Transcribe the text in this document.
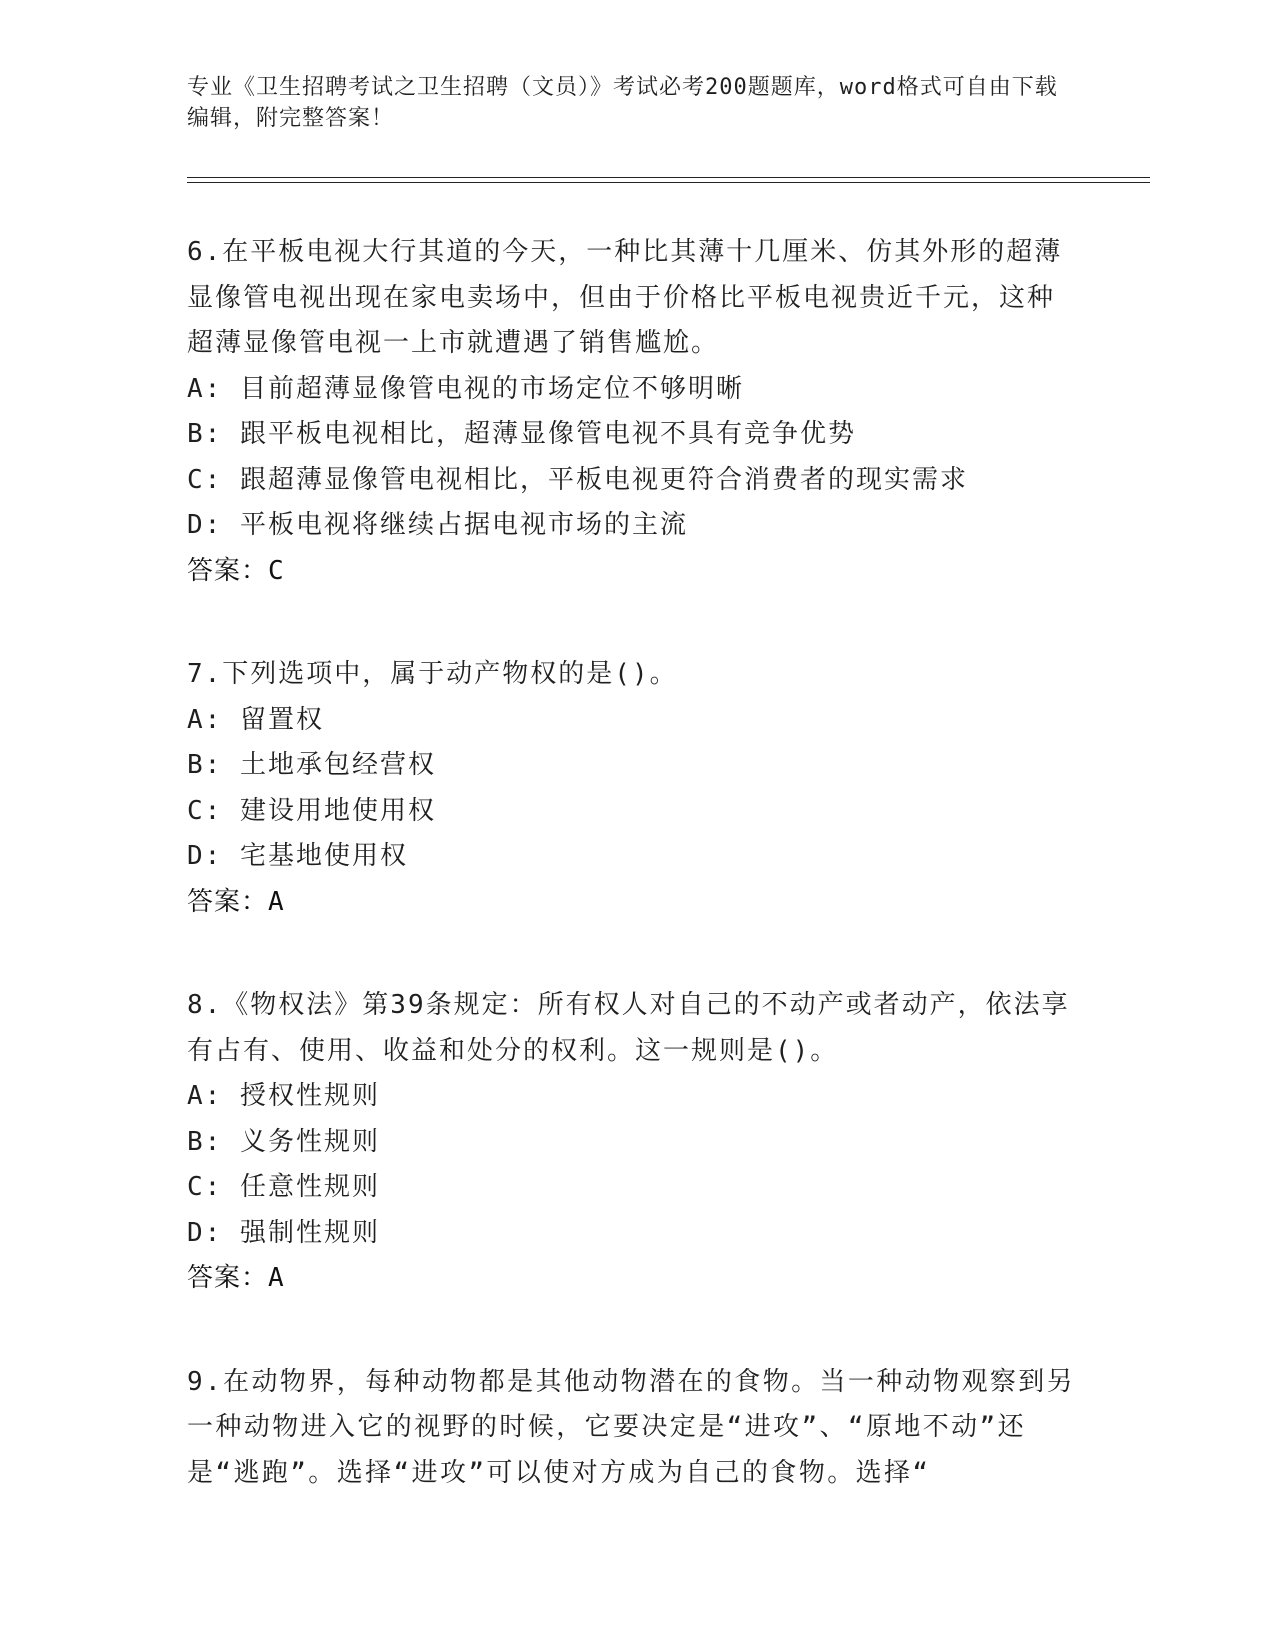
专业《卫生招聘考试之卫生招聘（文员）》考试必考200题题库，word格式可自由下载编辑，附完整答案！
6.在平板电视大行其道的今天，一种比其薄十几厘米、仿其外形的超薄显像管电视出现在家电卖场中，但由于价格比平板电视贵近千元，这种超薄显像管电视一上市就遭遇了销售尴尬。
A: 目前超薄显像管电视的市场定位不够明晰
B: 跟平板电视相比，超薄显像管电视不具有竞争优势
C: 跟超薄显像管电视相比，平板电视更符合消费者的现实需求
D: 平板电视将继续占据电视市场的主流
答案：C
7.下列选项中，属于动产物权的是()。
A: 留置权
B: 土地承包经营权
C: 建设用地使用权
D: 宅基地使用权
答案：A
8.《物权法》第39条规定：所有权人对自己的不动产或者动产，依法享有占有、使用、收益和处分的权利。这一规则是()。
A: 授权性规则
B: 义务性规则
C: 任意性规则
D: 强制性规则
答案：A
9.在动物界，每种动物都是其他动物潜在的食物。当一种动物观察到另一种动物进入它的视野的时候，它要决定是“进攻”、“原地不动”还是“逃跑”。选择“进攻”可以使对方成为自己的食物。选择“
